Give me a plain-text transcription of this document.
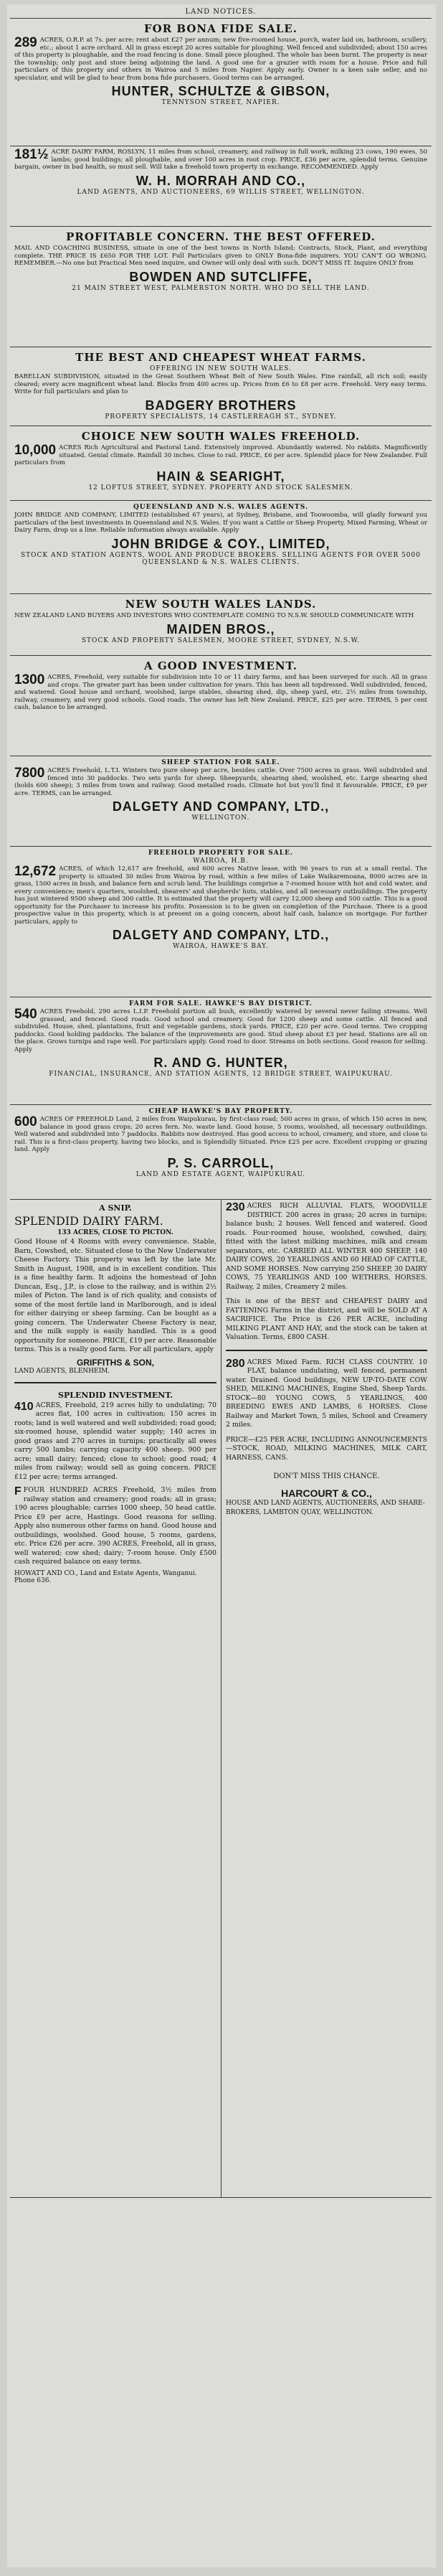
LAND NOTICES.
FOR BONA FIDE SALE.
289 ACRES, O.R.P. at 7s. per acre; rent about £27 per annum; new five-roomed house, porch, water laid on, bathroom, scullery, etc.; about 1 acre orchard. All in grass except 20 acres suitable for ploughing. Well fenced and subdivided; about 150 acres of this property is ploughable, and the road fencing is done. Small piece ploughed. The whole has been burnt. The property is near the township; only post and store being adjoining the land. A good one for a grazier with room for a house. Price and full particulars of this property and others in Wairoa and 5 miles from Napier. Apply early. Owner is a keen sale seller, and no speculator, and will be glad to hear from bona fide purchasers. Good terms can be arranged.
HUNTER, SCHULTZE & GIBSON,
TENNYSON STREET, NAPIER.
181½ ACRE DAIRY FARM, ROSLYN, 11 miles from school, creamery, and railway in full work, milking 23 cows, 190 ewes, 50 lambs; good buildings; all ploughable, and over 100 acres in root crop. PRICE, £36 per acre, splendid terms. Genuine bargain, owner in bad health, so must sell. Will take a freehold town property in exchange. RECOMMENDED. Apply
W. H. MORRAH AND CO.,
LAND AGENTS, AND AUCTIONEERS, 69 WILLIS STREET, WELLINGTON.
PROFITABLE CONCERN. THE BEST OFFERED.
MAIL AND COACHING BUSINESS, situate in one of the best towns in North Island; Contracts, Stock, Plant, and everything complete. THE PRICE IS £650 FOR THE LOT. Full Particulars given to ONLY Bona-fide inquirers. YOU CAN'T GO WRONG. REMEMBER.—No one but Practical Men need inquire, and Owner will only deal with such. DON'T MISS IT. Inquire ONLY from
BOWDEN AND SUTCLIFFE,
21 MAIN STREET WEST, PALMERSTON NORTH. WHO DO SELL THE LAND.
THE BEST AND CHEAPEST WHEAT FARMS.
OFFERING IN NEW SOUTH WALES.
BARELLAN SUBDIVISION, situated in the Great Southern Wheat Belt of New South Wales. Fine rainfall, all rich soil; easily cleared; every acre magnificent wheat land. Blocks from 400 acres up. Prices from £6 to £8 per acre. Freehold. Very easy terms. Write for full particulars and plan to
BADGERY BROTHERS
PROPERTY SPECIALISTS, 14 CASTLEREAGH ST., SYDNEY.
CHOICE NEW SOUTH WALES FREEHOLD.
10,000 ACRES Rich Agricultural and Pastoral Land. Extensively improved. Abundantly watered. No rabbits. Magnificently situated. Genial climate. Rainfall 30 inches. Close to rail. PRICE, £6 per acre. Splendid place for New Zealander. Full particulars from
HAIN & SEARIGHT,
12 LOFTUS STREET, SYDNEY. PROPERTY AND STOCK SALESMEN.
QUEENSLAND AND N.S. WALES AGENTS.
JOHN BRIDGE AND COMPANY, LIMITED (established 67 years), at Sydney, Brisbane, and Toowoomba, will gladly forward you particulars of the best investments in Queensland and N.S. Wales. If you want a Cattle or Sheep Property, Mixed Farming, Wheat or Dairy Farm, drop us a line. Reliable information always available. Apply
JOHN BRIDGE & COY., LIMITED,
STOCK AND STATION AGENTS, WOOL AND PRODUCE BROKERS. SELLING AGENTS FOR OVER 5000 QUEENSLAND & N.S. WALES CLIENTS.
NEW SOUTH WALES LANDS.
NEW ZEALAND LAND BUYERS AND INVESTORS WHO CONTEMPLATE COMING TO N.S.W. SHOULD COMMUNICATE WITH
MAIDEN BROS.,
STOCK AND PROPERTY SALESMEN, MOORE STREET, SYDNEY, N.S.W.
A GOOD INVESTMENT.
1300 ACRES, Freehold, very suitable for subdivision into 10 or 11 dairy farms, and has been surveyed for such. All in grass and crops. The greater part has been under cultivation for years. This has been all topdressed. Well subdivided, fenced, and watered. Good house and orchard, woolshed, large stables, shearing shed, dip, sheep yard, etc. 2½ miles from township, railway, creamery, and very good schools. Good roads. The owner has left New Zealand. PRICE, £25 per acre. TERMS, 5 per cent cash, balance to be arranged.
SHEEP STATION FOR SALE.
7800 ACRES Freehold, L.T.I. Winters two pure sheep per acre, besides cattle. Over 7500 acres in grass. Well subdivided and fenced into 30 paddocks. Two sets yards for sheep. Sheepyards, shearing shed, woolshed, etc. Large shearing shed (holds 600 sheep); 3 miles from town and railway. Good metalled roads. Climate hot but you'll find it favourable. PRICE, £9 per acre. TERMS, can be arranged.
DALGETY AND COMPANY, LTD.,
WELLINGTON.
FREEHOLD PROPERTY FOR SALE.
WAIROA, H.B.
12,672 ACRES, of which 12,617 are freehold, and 600 acres Native lease, with 96 years to run at a small rental. The property is situated 30 miles from Wairoa by road, within a few miles of Lake Waikaremoana, 8000 acres are in grass, 1500 acres in bush, and balance fern and scrub land. The buildings comprise a 7-roomed house with hot and cold water, and every convenience; men's quarters, woolshed, shearers' and shepherds' huts, stables, and all necessary outbuildings. The property has just wintered 9500 sheep and 300 cattle. It is estimated that the property will carry 12,000 sheep and 500 cattle. This is a good opportunity for the Purchaser to increase his profits. Possession is to be given on completion of the Purchase. There is a good prospective value in this property, which is at present on a going concern, about half cash, balance on mortgage. For further particulars, apply to
DALGETY AND COMPANY, LTD.,
WAIROA, HAWKE'S BAY.
FARM FOR SALE. HAWKE'S BAY DISTRICT.
540 ACRES Freehold, 290 acres L.I.P. Freehold portion all bush, excellently watered by several never failing streams. Well grassed, and fenced. Good roads. Good school and creamery. Good for 1200 sheep and some cattle. All fenced and subdivided. House, shed, plantations, fruit and vegetable gardens, stock yards. PRICE, £20 per acre. Good terms. Two cropping paddocks. Good holding paddocks. The balance of the improvements are good. Stud sheep about £3 per head. Stations are all on the place. Grows turnips and rape well. For particulars apply. Good road to door. Streams on both sections. Good reason for selling. Apply
R. AND G. HUNTER,
FINANCIAL, INSURANCE, AND STATION AGENTS, 12 BRIDGE STREET, WAIPUKURAU.
CHEAP HAWKE'S BAY PROPERTY.
600 ACRES OF FREEHOLD Land, 2 miles from Waipukurau, by first-class road; 500 acres in grass, of which 150 acres in new, balance in good grass crops; 20 acres fern. No. waste land. Good house, 5 rooms, woolshed, all necessary outbuildings. Well watered and subdivided into 7 paddocks. Rabbits now destroyed. Has good access to school, creamery, and store, and close to rail. This is a first-class property, having two blocks, and is Splendidly Situated. Price £25 per acre. Excellent cropping or grazing land. Apply
P. S. CARROLL,
LAND AND ESTATE AGENT, WAIPUKURAU.
A SNIP.
SPLENDID DAIRY FARM.
133 ACRES, CLOSE TO PICTON.
Good House of 4 Rooms with every convenience. Stable, Barn, Cowshed, etc. Situated close to the New Underwater Cheese Factory. This property was left by the late Mr. Smith in August, 1908, and is in excellent condition. This is a fine healthy farm. It adjoins the homestead of John Duncan, Esq., J.P., is close to the railway, and is within 2½ miles of Picton. The land is of rich quality, and consists of some of the most fertile land in Marlborough, and is ideal for either dairying or sheep farming. Can be bought as a going concern. The Underwater Cheese Factory is near, and the milk supply is easily handled. This is a good opportunity for someone. PRICE, £19 per acre. Reasonable terms. This is a really good farm. For all particulars, apply
GRIFFITHS & SON,
LAND AGENTS, BLENHEIM.
SPLENDID INVESTMENT.
410 ACRES, Freehold, 219 acres hilly to undulating; 70 acres flat, 100 acres in cultivation; 150 acres in roots; land is well watered and well subdivided; road good; six-roomed house, splendid water supply; 140 acres in good grass and 270 acres in turnips; practically all ewes carry 500 lambs; carrying capacity 400 sheep. 900 per acre; small dairy; fenced; close to school; good road; 4 miles from railway; would sell as going concern. PRICE £12 per acre; terms arranged.
FFOUR HUNDRED ACRES Freehold, 3½ miles from railway station and creamery; good roads; all in grass; 190 acres ploughable; carries 1000 sheep, 50 head cattle. Price £9 per acre, Hastings. Good reasons for selling. Apply also numerous other farms on hand. Good house and outbuildings, woolshed. Good house, 5 rooms, gardens, etc. Price £26 per acre. 390 ACRES, Freehold, all in grass, well watered; cow shed; dairy; 7-room house. Only £500 cash required balance on easy terms.
HOWATT AND CO., Land and Estate Agents, Wanganui. Phone 636.
230 ACRES RICH ALLUVIAL FLATS, WOODVILLE DISTRICT. 200 acres in grass; 20 acres in turnips; balance bush; 2 houses. Well fenced and watered. Good roads. Four-roomed house, woolshed, cowshed, dairy, fitted with the latest milking machines, milk and cream separators, etc. CARRIED ALL WINTER 400 SHEEP, 140 DAIRY COWS, 20 YEARLINGS AND 60 HEAD OF CATTLE, AND SOME HORSES. Now carrying 250 SHEEP, 30 DAIRY COWS, 75 YEARLINGS AND 100 WETHERS, HORSES. Railway, 2 miles, Creamery 2 miles.
This is one of the BEST and CHEAPEST DAIRY and FATTENING Farms in the district, and will be SOLD AT A SACRIFICE. The Price is £26 PER ACRE, including MILKING PLANT AND HAY, and the stock can be taken at Valuation. Terms, £800 CASH.
280 ACRES Mixed Farm. RICH CLASS COUNTRY. 10 FLAT, balance undulating, well fenced, permanent water. Drained. Good buildings, NEW UP-TO-DATE COW SHED, MILKING MACHINES, Engine Shed, Sheep Yards. STOCK—80 YOUNG COWS, 5 YEARLINGS, 400 BREEDING EWES AND LAMBS, 6 HORSES. Close Railway and Market Town, 5 miles, School and Creamery 2 miles.
PRICE—£25 PER ACRE, INCLUDING ANNOUNCEMENTS—STOCK, ROAD, MILKING MACHINES, MILK CART, HARNESS, CANS.
DON'T MISS THIS CHANCE.
HARCOURT & CO.,
HOUSE AND LAND AGENTS, AUCTIONEERS, AND SHARE-BROKERS, LAMBTON QUAY, WELLINGTON.
